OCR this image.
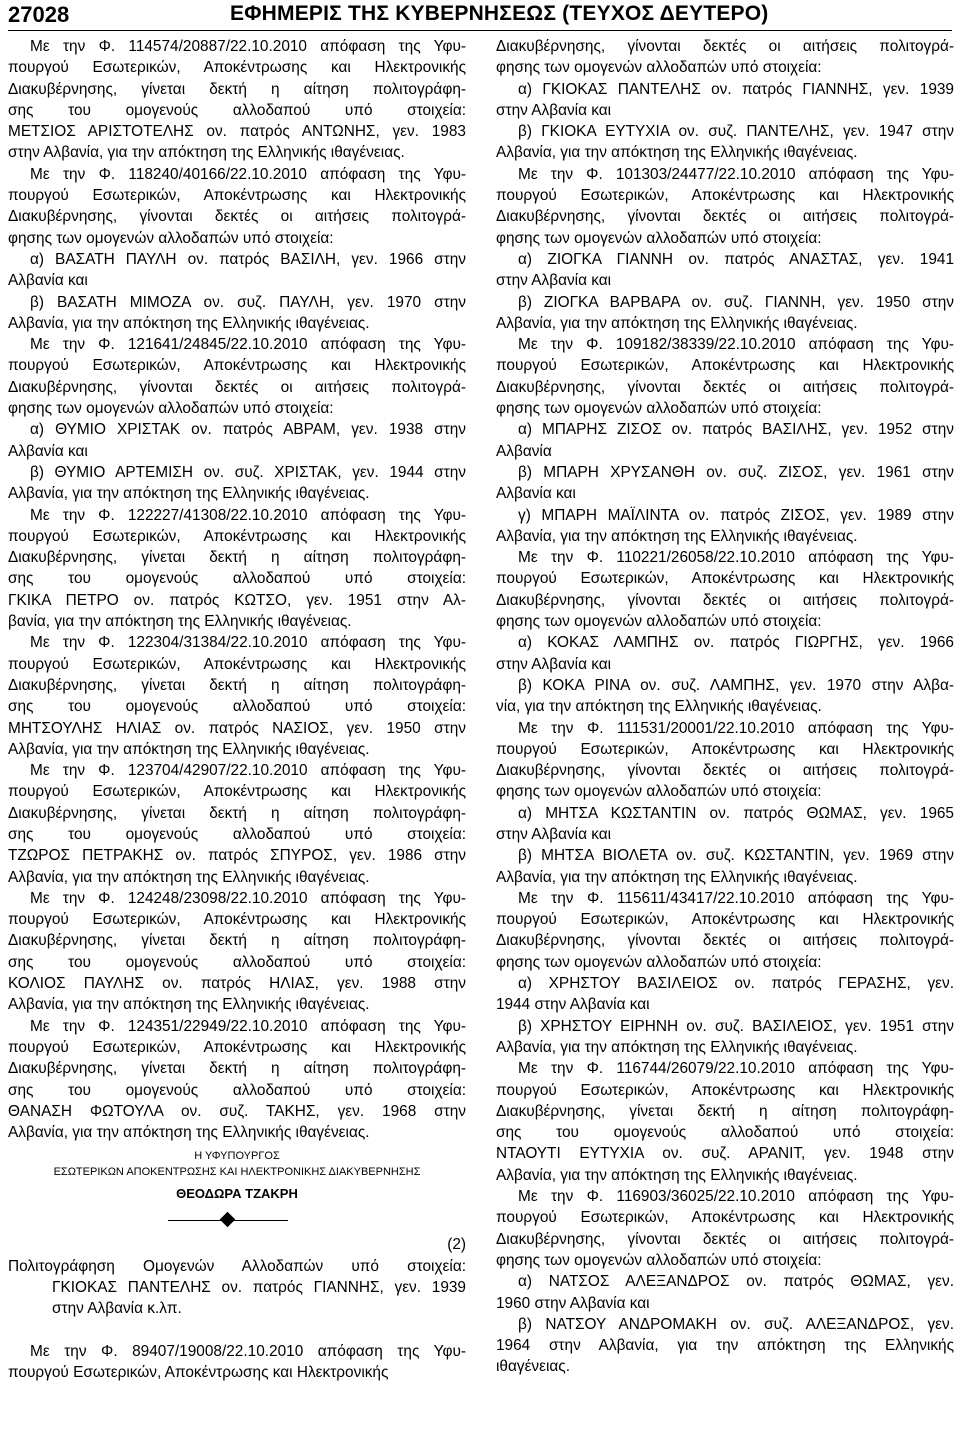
27028	ΕΦΗΜΕΡΙΣ ΤΗΣ ΚΥΒΕΡΝΗΣΕΩΣ (ΤΕΥΧΟΣ ΔΕΥΤΕΡΟ)
Με την Φ. 114574/20887/22.10.2010 απόφαση της Υφυ-
πουργού Εσωτερικών, Αποκέντρωσης και Ηλεκτρονικής
Διακυβέρνησης, γίνεται δεκτή η αίτηση πολιτογράφη-
σης του ομογενούς αλλοδαπού υπό στοιχεία:
ΜΕΤΣΙΟΣ ΑΡΙΣΤΟΤΕΛΗΣ ον. πατρός ΑΝΤΩΝΗΣ, γεν. 1983
στην Αλβανία, για την απόκτηση της Ελληνικής ιθαγένειας.
Με την Φ. 118240/40166/22.10.2010 απόφαση της Υφυ-
πουργού Εσωτερικών, Αποκέντρωσης και Ηλεκτρονικής
Διακυβέρνησης, γίνονται δεκτές οι αιτήσεις πολιτογρά-
φησης των ομογενών αλλοδαπών υπό στοιχεία:
α) ΒΑΣΑΤΗ ΠΑΥΛΗ ον. πατρός ΒΑΣΙΛΗ, γεν. 1966 στην
Αλβανία και
β) ΒΑΣΑΤΗ ΜΙΜΟΖΑ ον. συζ. ΠΑΥΛΗ, γεν. 1970 στην
Αλβανία, για την απόκτηση της Ελληνικής ιθαγένειας.
Με την Φ. 121641/24845/22.10.2010 απόφαση της Υφυ-
πουργού Εσωτερικών, Αποκέντρωσης και Ηλεκτρονικής
Διακυβέρνησης, γίνονται δεκτές οι αιτήσεις πολιτογρά-
φησης των ομογενών αλλοδαπών υπό στοιχεία:
α) ΘΥΜΙΟ ΧΡΙΣΤΑΚ ον. πατρός ΑΒΡΑΜ, γεν. 1938 στην
Αλβανία και
β) ΘΥΜΙΟ ΑΡΤΕΜΙΣΗ ον. συζ. ΧΡΙΣΤΑΚ, γεν. 1944 στην
Αλβανία, για την απόκτηση της Ελληνικής ιθαγένειας.
Με την Φ. 122227/41308/22.10.2010 απόφαση της Υφυ-
πουργού Εσωτερικών, Αποκέντρωσης και Ηλεκτρονικής
Διακυβέρνησης, γίνεται δεκτή η αίτηση πολιτογράφη-
σης του ομογενούς αλλοδαπού υπό στοιχεία:
ΓΚΙΚΑ ΠΕΤΡΟ ον. πατρός ΚΩΤΣΟ, γεν. 1951 στην Αλ-
βανία, για την απόκτηση της Ελληνικής ιθαγένειας.
Με την Φ. 122304/31384/22.10.2010 απόφαση της Υφυ-
πουργού Εσωτερικών, Αποκέντρωσης και Ηλεκτρονικής
Διακυβέρνησης, γίνεται δεκτή η αίτηση πολιτογράφη-
σης του ομογενούς αλλοδαπού υπό στοιχεία:
ΜΗΤΣΟΥΛΗΣ ΗΛΙΑΣ ον. πατρός ΝΑΣΙΟΣ, γεν. 1950 στην
Αλβανία, για την απόκτηση της Ελληνικής ιθαγένειας.
Με την Φ. 123704/42907/22.10.2010 απόφαση της Υφυ-
πουργού Εσωτερικών, Αποκέντρωσης και Ηλεκτρονικής
Διακυβέρνησης, γίνεται δεκτή η αίτηση πολιτογράφη-
σης του ομογενούς αλλοδαπού υπό στοιχεία:
ΤΖΩΡΟΣ ΠΕΤΡΑΚΗΣ ον. πατρός ΣΠΥΡΟΣ, γεν. 1986 στην
Αλβανία, για την απόκτηση της Ελληνικής ιθαγένειας.
Με την Φ. 124248/23098/22.10.2010 απόφαση της Υφυ-
πουργού Εσωτερικών, Αποκέντρωσης και Ηλεκτρονικής
Διακυβέρνησης, γίνεται δεκτή η αίτηση πολιτογράφη-
σης του ομογενούς αλλοδαπού υπό στοιχεία:
ΚΟΛΙΟΣ ΠΑΥΛΗΣ ον. πατρός ΗΛΙΑΣ, γεν. 1988 στην
Αλβανία, για την απόκτηση της Ελληνικής ιθαγένειας.
Με την Φ. 124351/22949/22.10.2010 απόφαση της Υφυ-
πουργού Εσωτερικών, Αποκέντρωσης και Ηλεκτρονικής
Διακυβέρνησης, γίνεται δεκτή η αίτηση πολιτογράφη-
σης του ομογενούς αλλοδαπού υπό στοιχεία:
ΘΑΝΑΣΗ ΦΩΤΟΥΛΑ ον. συζ. ΤΑΚΗΣ, γεν. 1968 στην
Αλβανία, για την απόκτηση της Ελληνικής ιθαγένειας.
Η ΥΦΥΠΟΥΡΓΟΣ
ΕΣΩΤΕΡΙΚΩΝ ΑΠΟΚΕΝΤΡΩΣΗΣ ΚΑΙ ΗΛΕΚΤΡΟΝΙΚΗΣ ΔΙΑΚΥΒΕΡΝΗΣΗΣ
ΘΕΟΔΩΡΑ ΤΖΑΚΡΗ
(2)
Πολιτογράφηση Ομογενών Αλλοδαπών υπό στοιχεία:
ΓΚΙΟΚΑΣ ΠΑΝΤΕΛΗΣ ον. πατρός ΓΙΑΝΝΗΣ, γεν. 1939
στην Αλβανία κ.λπ.
Με την Φ. 89407/19008/22.10.2010 απόφαση της Υφυ-
πουργού Εσωτερικών, Αποκέντρωσης και Ηλεκτρονικής
Διακυβέρνησης, γίνονται δεκτές οι αιτήσεις πολιτογρά-
φησης των ομογενών αλλοδαπών υπό στοιχεία:
α) ΓΚΙΟΚΑΣ ΠΑΝΤΕΛΗΣ ον. πατρός ΓΙΑΝΝΗΣ, γεν. 1939
στην Αλβανία και
β) ΓΚΙΟΚΑ ΕΥΤΥΧΙΑ ον. συζ. ΠΑΝΤΕΛΗΣ, γεν. 1947 στην
Αλβανία, για την απόκτηση της Ελληνικής ιθαγένειας.
Με την Φ. 101303/24477/22.10.2010 απόφαση της Υφυ-
πουργού Εσωτερικών, Αποκέντρωσης και Ηλεκτρονικής
Διακυβέρνησης, γίνονται δεκτές οι αιτήσεις πολιτογρά-
φησης των ομογενών αλλοδαπών υπό στοιχεία:
α) ΖΙΟΓΚΑ ΓΙΑΝΝΗ ον. πατρός ΑΝΑΣΤΑΣ, γεν. 1941
στην Αλβανία και
β) ΖΙΟΓΚΑ ΒΑΡΒΑΡΑ ον. συζ. ΓΙΑΝΝΗ, γεν. 1950 στην
Αλβανία, για την απόκτηση της Ελληνικής ιθαγένειας.
Με την Φ. 109182/38339/22.10.2010 απόφαση της Υφυ-
πουργού Εσωτερικών, Αποκέντρωσης και Ηλεκτρονικής
Διακυβέρνησης, γίνονται δεκτές οι αιτήσεις πολιτογρά-
φησης των ομογενών αλλοδαπών υπό στοιχεία:
α) ΜΠΑΡΗΣ ΖΙΣΟΣ ον. πατρός ΒΑΣΙΛΗΣ, γεν. 1952 στην
Αλβανία
β) ΜΠΑΡΗ ΧΡΥΣΑΝΘΗ ον. συζ. ΖΙΣΟΣ, γεν. 1961 στην
Αλβανία και
γ) ΜΠΑΡΗ ΜΑΪΛΙΝΤΑ ον. πατρός ΖΙΣΟΣ, γεν. 1989 στην
Αλβανία, για την απόκτηση της Ελληνικής ιθαγένειας.
Με την Φ. 110221/26058/22.10.2010 απόφαση της Υφυ-
πουργού Εσωτερικών, Αποκέντρωσης και Ηλεκτρονικής
Διακυβέρνησης, γίνονται δεκτές οι αιτήσεις πολιτογρά-
φησης των ομογενών αλλοδαπών υπό στοιχεία:
α) ΚΟΚΑΣ ΛΑΜΠΗΣ ον. πατρός ΓΙΩΡΓΗΣ, γεν. 1966
στην Αλβανία και
β) ΚΟΚΑ ΡΙΝΑ ον. συζ. ΛΑΜΠΗΣ, γεν. 1970 στην Αλβα-
νία, για την απόκτηση της Ελληνικής ιθαγένειας.
Με την Φ. 111531/20001/22.10.2010 απόφαση της Υφυ-
πουργού Εσωτερικών, Αποκέντρωσης και Ηλεκτρονικής
Διακυβέρνησης, γίνονται δεκτές οι αιτήσεις πολιτογρά-
φησης των ομογενών αλλοδαπών υπό στοιχεία:
α) ΜΗΤΣΑ ΚΩΣΤΑΝΤΙΝ ον. πατρός ΘΩΜΑΣ, γεν. 1965
στην Αλβανία και
β) ΜΗΤΣΑ ΒΙΟΛΕΤΑ ον. συζ. ΚΩΣΤΑΝΤΙΝ, γεν. 1969 στην
Αλβανία, για την απόκτηση της Ελληνικής ιθαγένειας.
Με την Φ. 115611/43417/22.10.2010 απόφαση της Υφυ-
πουργού Εσωτερικών, Αποκέντρωσης και Ηλεκτρονικής
Διακυβέρνησης, γίνονται δεκτές οι αιτήσεις πολιτογρά-
φησης των ομογενών αλλοδαπών υπό στοιχεία:
α) ΧΡΗΣΤΟΥ ΒΑΣΙΛΕΙΟΣ ον. πατρός ΓΕΡΑΣΗΣ, γεν.
1944 στην Αλβανία και
β) ΧΡΗΣΤΟΥ ΕΙΡΗΝΗ ον. συζ. ΒΑΣΙΛΕΙΟΣ, γεν. 1951 στην
Αλβανία, για την απόκτηση της Ελληνικής ιθαγένειας.
Με την Φ. 116744/26079/22.10.2010 απόφαση της Υφυ-
πουργού Εσωτερικών, Αποκέντρωσης και Ηλεκτρονικής
Διακυβέρνησης, γίνεται δεκτή η αίτηση πολιτογράφη-
σης του ομογενούς αλλοδαπού υπό στοιχεία:
ΝΤΑΟΥΤΙ ΕΥΤΥΧΙΑ ον. συζ. ΑΡΑΝΙΤ, γεν. 1948 στην
Αλβανία, για την απόκτηση της Ελληνικής ιθαγένειας.
Με την Φ. 116903/36025/22.10.2010 απόφαση της Υφυ-
πουργού Εσωτερικών, Αποκέντρωσης και Ηλεκτρονικής
Διακυβέρνησης, γίνονται δεκτές οι αιτήσεις πολιτογρά-
φησης των ομογενών αλλοδαπών υπό στοιχεία:
α) ΝΑΤΣΟΣ ΑΛΕΞΑΝΔΡΟΣ ον. πατρός ΘΩΜΑΣ, γεν.
1960 στην Αλβανία και
β) ΝΑΤΣΟΥ ΑΝΔΡΟΜΑΚΗ ον. συζ. ΑΛΕΞΑΝΔΡΟΣ, γεν.
1964 στην Αλβανία, για την απόκτηση της Ελληνικής
ιθαγένειας.
